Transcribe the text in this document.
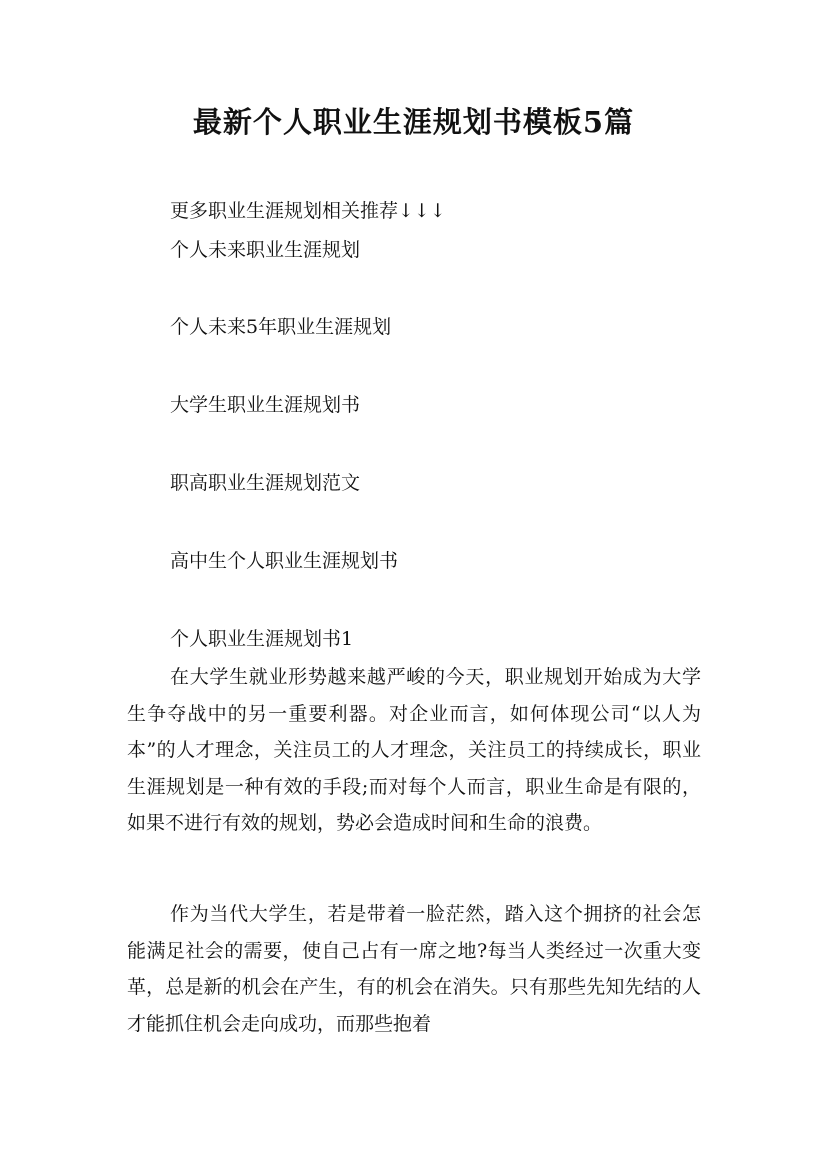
最新个人职业生涯规划书模板5篇
更多职业生涯规划相关推荐↓↓↓
个人未来职业生涯规划
个人未来5年职业生涯规划
大学生职业生涯规划书
职高职业生涯规划范文
高中生个人职业生涯规划书
个人职业生涯规划书1

在大学生就业形势越来越严峻的今天，职业规划开始成为大学生争夺战中的另一重要利器。对企业而言，如何体现公司“以人为本”的人才理念，关注员工的人才理念，关注员工的持续成长，职业生涯规划是一种有效的手段;而对每个人而言，职业生命是有限的，如果不进行有效的规划，势必会造成时间和生命的浪费。

作为当代大学生，若是带着一脸茫然，踏入这个拥挤的社会怎能满足社会的需要，使自己占有一席之地?每当人类经过一次重大变革，总是新的机会在产生，有的机会在消失。只有那些先知先结的人才能抓住机会走向成功，而那些抱着
